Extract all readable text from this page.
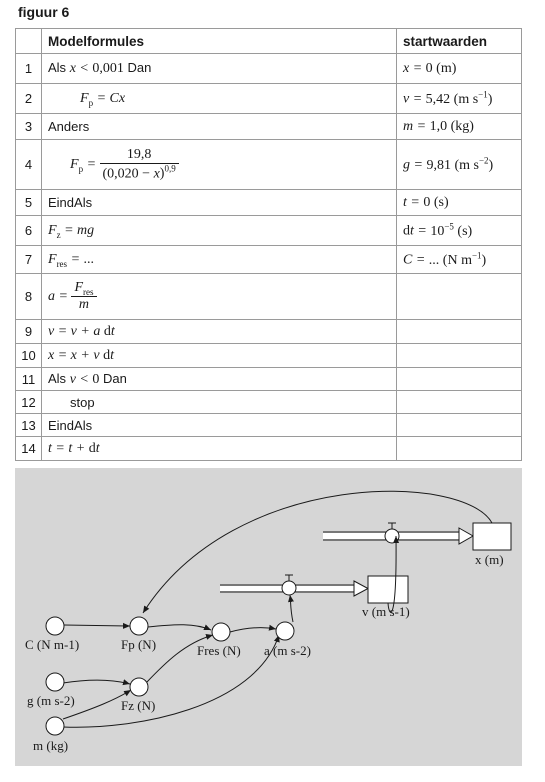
figuur 6
	Modelformules	startwaarden
1	Als x < 0,001 Dan	x = 0 (m)
2	$F_p = Cx$	v = 5,42 (m $s^{-1}$)
3	Anders	m = 1,0 (kg)
4	$F_p = \frac{19,8}{(0,020 - x)^{0,9}}$	g = 9,81 (m $s^{-2}$)
5	EindAls	t = 0 (s)
6	$F_z$ = mg	dt = $10^{-5}$ (s)
7	$F_{res}$ = ...	C = ... (N $m^{-1}$)
8	$a = \frac{F_{res}}{m}$

9	v = v + a dt	
10	x = x + v dt	
11	Als v < 0 Dan	
12	stop	
13	EindAls	
14	t = t + dt	
x (m)
v (m s-1)
C (N m-1)	Fp (N)	Fres (N) a (m s-2)
g (m s-2)	Fz (N)
m (kg)
